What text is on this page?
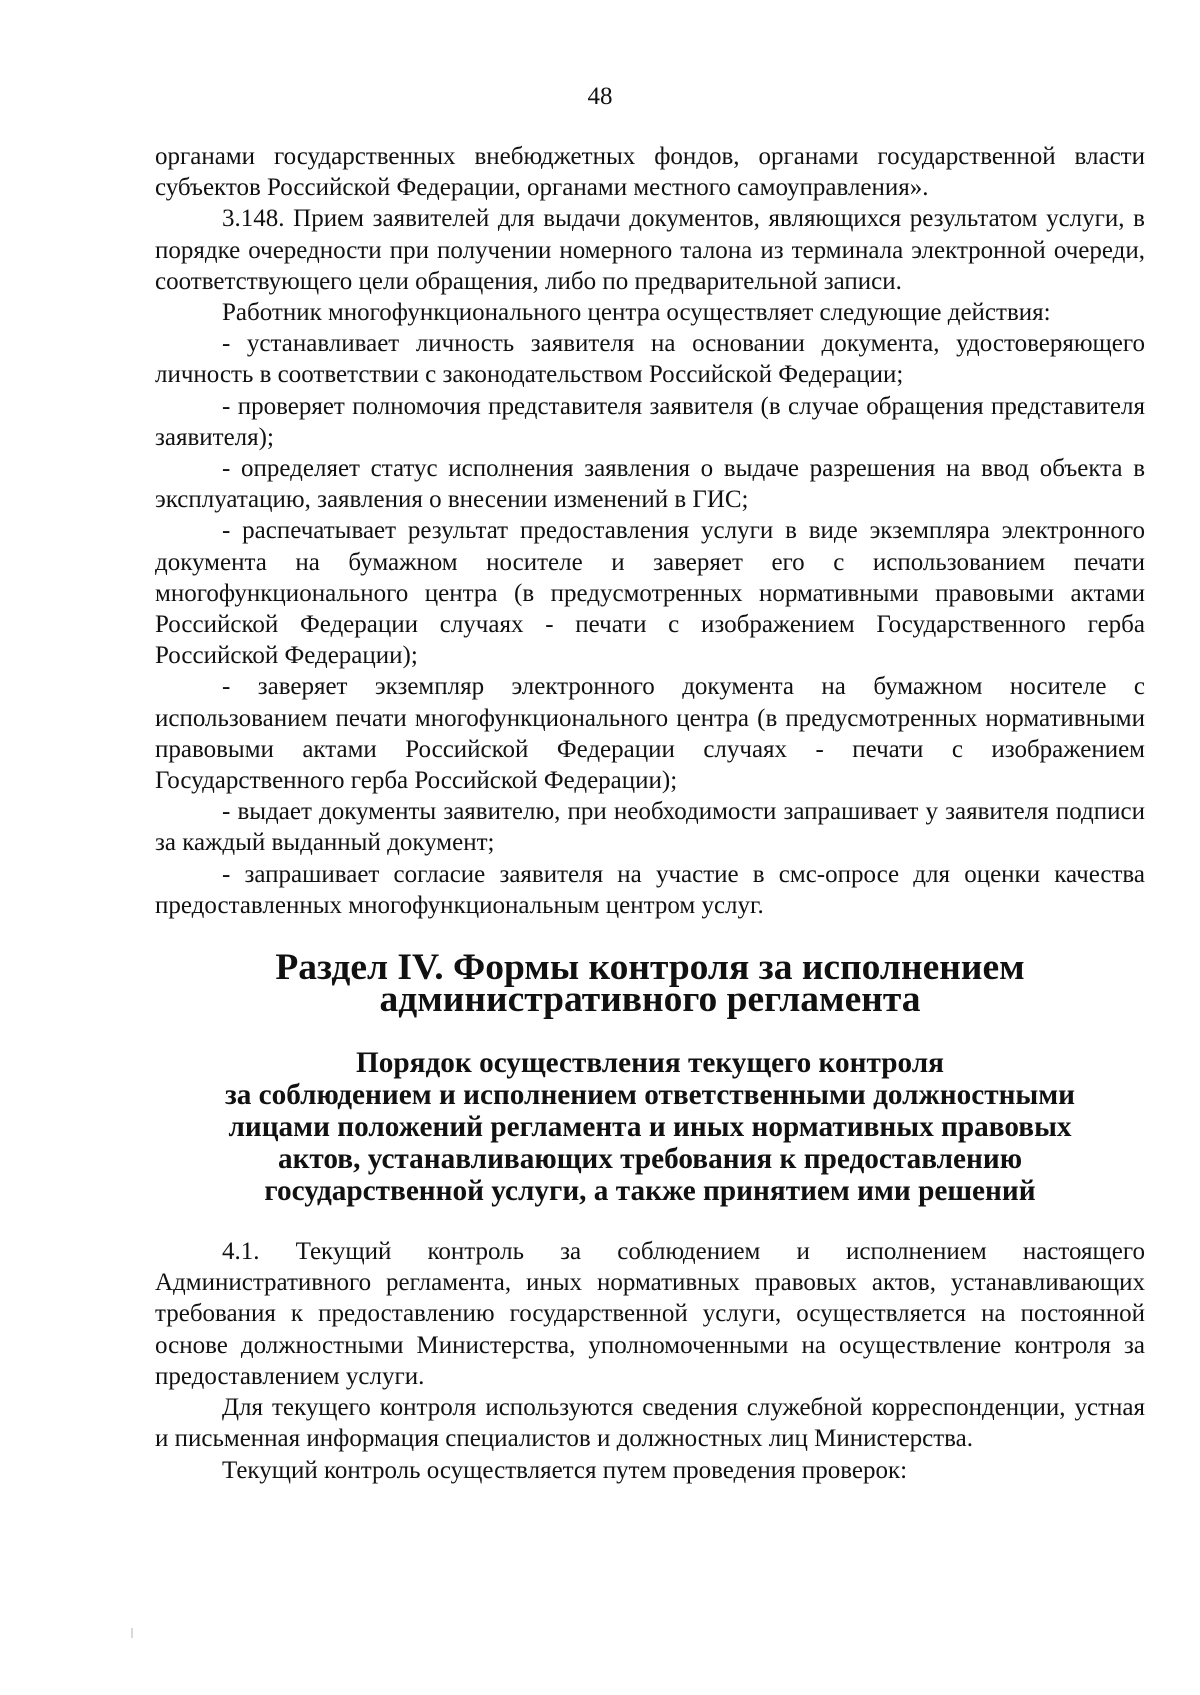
48

органами государственных внебюджетных фондов, органами государственной власти субъектов Российской Федерации, органами местного самоуправления».

3.148. Прием заявителей для выдачи документов, являющихся результатом услуги, в порядке очередности при получении номерного талона из терминала электронной очереди, соответствующего цели обращения, либо по предварительной записи.

Работник многофункционального центра осуществляет следующие действия:

- устанавливает личность заявителя на основании документа, удостоверяющего личность в соответствии с законодательством Российской Федерации;

- проверяет полномочия представителя заявителя (в случае обращения представителя заявителя);

- определяет статус исполнения заявления о выдаче разрешения на ввод объекта в эксплуатацию, заявления о внесении изменений в ГИС;

- распечатывает результат предоставления услуги в виде экземпляра электронного документа на бумажном носителе и заверяет его с использованием печати многофункционального центра (в предусмотренных нормативными правовыми актами Российской Федерации случаях - печати с изображением Государственного герба Российской Федерации);

- заверяет экземпляр электронного документа на бумажном носителе с использованием печати многофункционального центра (в предусмотренных нормативными правовыми актами Российской Федерации случаях - печати с изображением Государственного герба Российской Федерации);

- выдает документы заявителю, при необходимости запрашивает у заявителя подписи за каждый выданный документ;

- запрашивает согласие заявителя на участие в смс-опросе для оценки качества предоставленных многофункциональным центром услуг.

Раздел IV. Формы контроля за исполнением
административного регламента
Порядок осуществления текущего контроля
за соблюдением и исполнением ответственными должностными
лицами положений регламента и иных нормативных правовых
актов, устанавливающих требования к предоставлению
государственной услуги, а также принятием ими решений

4.1. Текущий контроль за соблюдением и исполнением настоящего Административного регламента, иных нормативных правовых актов, устанавливающих требования к предоставлению государственной услуги, осуществляется на постоянной основе должностными Министерства, уполномоченными на осуществление контроля за предоставлением услуги.

Для текущего контроля используются сведения служебной корреспонденции, устная и письменная информация специалистов и должностных лиц Министерства.

Текущий контроль осуществляется путем проведения проверок:
